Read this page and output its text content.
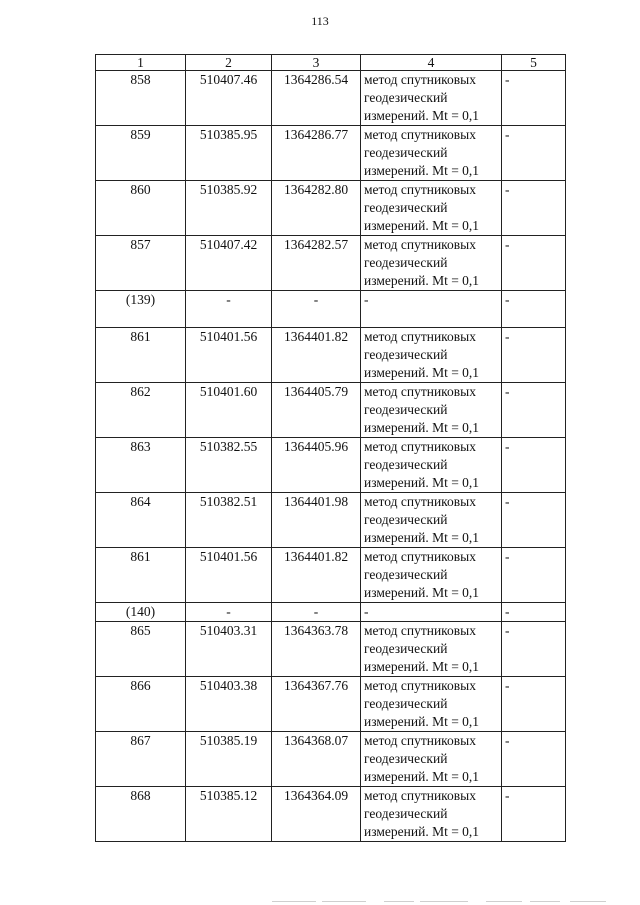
113
1	2	3	4	5
858	510407.46	1364286.54	метод спутниковых геодезический измерений. Mt = 0,1	-
859	510385.95	1364286.77	метод спутниковых геодезический измерений. Mt = 0,1	-
860	510385.92	1364282.80	метод спутниковых геодезический измерений. Mt = 0,1	-
857	510407.42	1364282.57	метод спутниковых геодезический измерений. Mt = 0,1	-
(139)	-	-	-	-
861	510401.56	1364401.82	метод спутниковых геодезический измерений. Mt = 0,1	-
862	510401.60	1364405.79	метод спутниковых геодезический измерений. Mt = 0,1	-
863	510382.55	1364405.96	метод спутниковых геодезический измерений. Mt = 0,1	-
864	510382.51	1364401.98	метод спутниковых геодезический измерений. Mt = 0,1	-
861	510401.56	1364401.82	метод спутниковых геодезический измерений. Mt = 0,1	-
(140)	-	-	-	-
865	510403.31	1364363.78	метод спутниковых геодезический измерений. Mt = 0,1	-
866	510403.38	1364367.76	метод спутниковых геодезический измерений. Mt = 0,1	-
867	510385.19	1364368.07	метод спутниковых геодезический измерений. Mt = 0,1	-
868	510385.12	1364364.09	метод спутниковых геодезический измерений. Mt = 0,1	-
